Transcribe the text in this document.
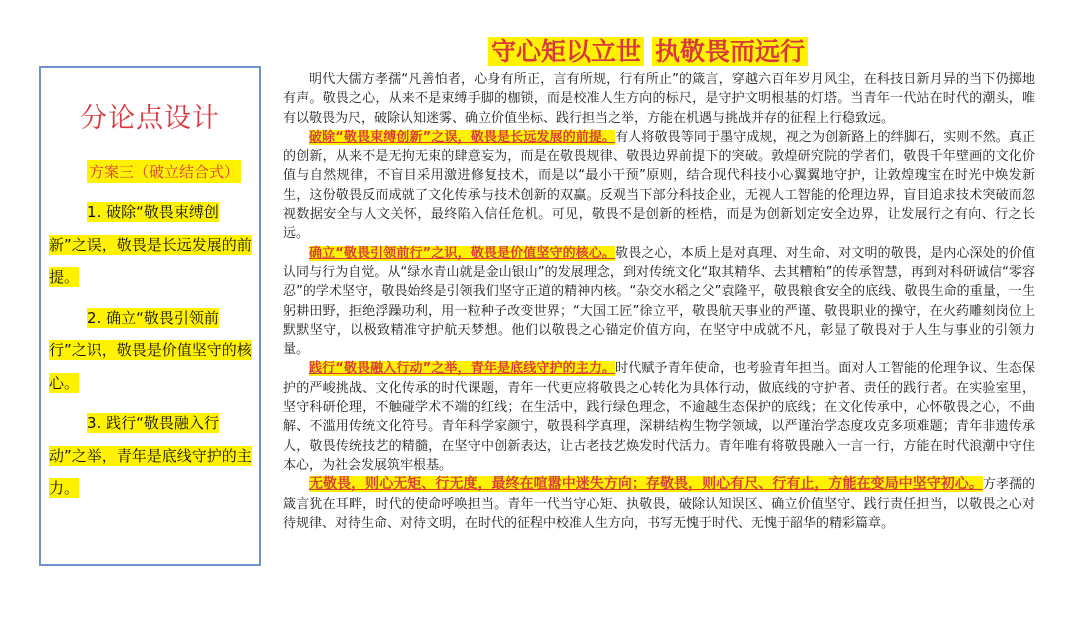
分论点设计
方案三（破立结合式）

1. 破除“敬畏束缚创新”之误，敬畏是长远发展的前提。

2. 确立“敬畏引领前行”之识，敬畏是价值坚守的核心。

3. 践行“敬畏融入行动”之举，青年是底线守护的主力。

守心矩以立世 执敬畏而远行

明代大儒方孝孺“凡善怕者，心身有所正，言有所规，行有所止”的箴言，穿越六百年岁月风尘，在科技日新月异的当下仍掷地有声。敬畏之心，从来不是束缚手脚的枷锁，而是校准人生方向的标尺，是守护文明根基的灯塔。当青年一代站在时代的潮头，唯有以敬畏为尺，破除认知迷雾、确立价值坐标、践行担当之举，方能在机遇与挑战并存的征程上行稳致远。

破除“敬畏束缚创新”之误，敬畏是长远发展的前提。有人将敬畏等同于墨守成规，视之为创新路上的绊脚石，实则不然。真正的创新，从来不是无拘无束的肆意妄为，而是在敬畏规律、敬畏边界前提下的突破。敦煌研究院的学者们，敬畏千年壁画的文化价值与自然规律，不盲目采用激进修复技术，而是以“最小干预”原则，结合现代科技小心翼翼地守护，让敦煌瑰宝在时光中焕发新生，这份敬畏反而成就了文化传承与技术创新的双赢。反观当下部分科技企业，无视人工智能的伦理边界，盲目追求技术突破而忽视数据安全与人文关怀，最终陷入信任危机。可见，敬畏不是创新的桎梏，而是为创新划定安全边界，让发展行之有向、行之长远。

确立“敬畏引领前行”之识，敬畏是价值坚守的核心。敬畏之心，本质上是对真理、对生命、对文明的敬畏，是内心深处的价值认同与行为自觉。从“绿水青山就是金山银山”的发展理念，到对传统文化“取其精华、去其糟粕”的传承智慧，再到对科研诚信“零容忍”的学术坚守，敬畏始终是引领我们坚守正道的精神内核。“杂交水稻之父”袁隆平，敬畏粮食安全的底线、敬畏生命的重量，一生躬耕田野，拒绝浮躁功利，用一粒种子改变世界；“大国工匠”徐立平，敬畏航天事业的严谨、敬畏职业的操守，在火药雕刻岗位上默默坚守，以极致精准守护航天梦想。他们以敬畏之心锚定价值方向，在坚守中成就不凡，彰显了敬畏对于人生与事业的引领力量。

践行“敬畏融入行动”之举，青年是底线守护的主力。时代赋予青年使命，也考验青年担当。面对人工智能的伦理争议、生态保护的严峻挑战、文化传承的时代课题，青年一代更应将敬畏之心转化为具体行动，做底线的守护者、责任的践行者。在实验室里，坚守科研伦理，不触碰学术不端的红线；在生活中，践行绿色理念，不逾越生态保护的底线；在文化传承中，心怀敬畏之心，不曲解、不滥用传统文化符号。青年科学家颜宁，敬畏科学真理，深耕结构生物学领域，以严谨治学态度攻克多项难题；青年非遗传承人，敬畏传统技艺的精髓，在坚守中创新表达，让古老技艺焕发时代活力。青年唯有将敬畏融入一言一行，方能在时代浪潮中守住本心，为社会发展筑牢根基。

无敬畏，则心无矩、行无度，最终在喧嚣中迷失方向；存敬畏，则心有尺、行有止，方能在变局中坚守初心。方孝孺的箴言犹在耳畔，时代的使命呼唤担当。青年一代当守心矩、执敬畏，破除认知误区、确立价值坚守、践行责任担当，以敬畏之心对待规律、对待生命、对待文明，在时代的征程中校准人生方向，书写无愧于时代、无愧于韶华的精彩篇章。
